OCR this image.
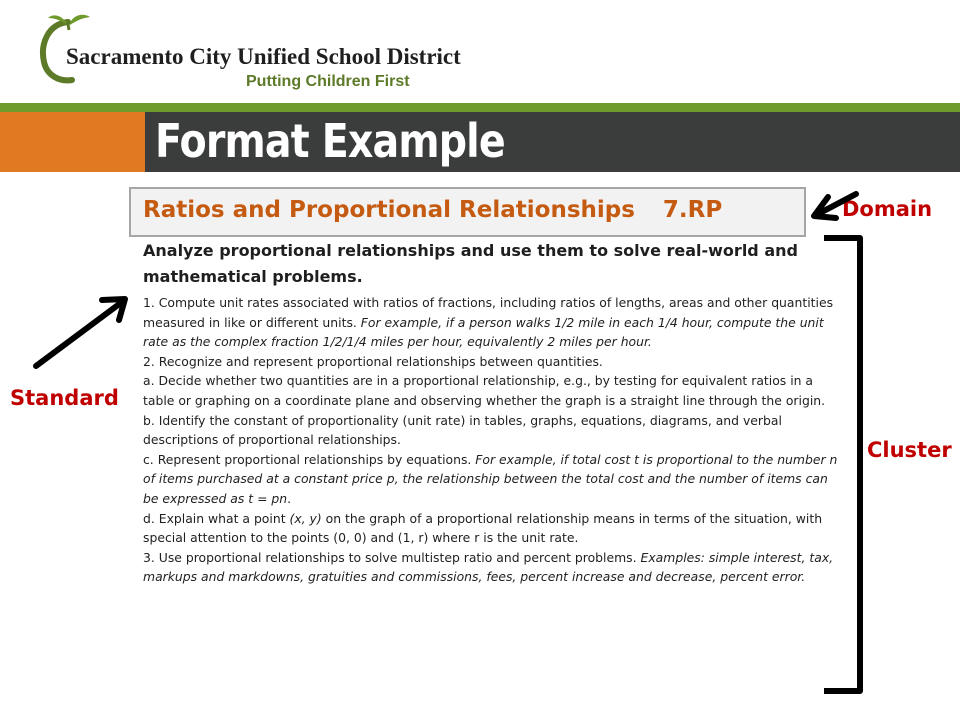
Sacramento City Unified School District
Putting Children First
Format Example
Ratios and Proportional Relationships 7.RP
Analyze proportional relationships and use them to solve real-world and mathematical problems.

1. Compute unit rates associated with ratios of fractions, including ratios of lengths, areas and other quantities measured in like or different units. For example, if a person walks 1/2 mile in each 1/4 hour, compute the unit rate as the complex fraction 1/2/1/4 miles per hour, equivalently 2 miles per hour.

2. Recognize and represent proportional relationships between quantities.

a. Decide whether two quantities are in a proportional relationship, e.g., by testing for equivalent ratios in a table or graphing on a coordinate plane and observing whether the graph is a straight line through the origin.

b. Identify the constant of proportionality (unit rate) in tables, graphs, equations, diagrams, and verbal descriptions of proportional relationships.

c. Represent proportional relationships by equations. For example, if total cost t is proportional to the number n of items purchased at a constant price p, the relationship between the total cost and the number of items can be expressed as t = pn.

d. Explain what a point (x, y) on the graph of a proportional relationship means in terms of the situation, with special attention to the points (0, 0) and (1, r) where r is the unit rate.

3. Use proportional relationships to solve multistep ratio and percent problems. Examples: simple interest, tax, markups and markdowns, gratuities and commissions, fees, percent increase and decrease, percent error.

Domain
Standard
Cluster
